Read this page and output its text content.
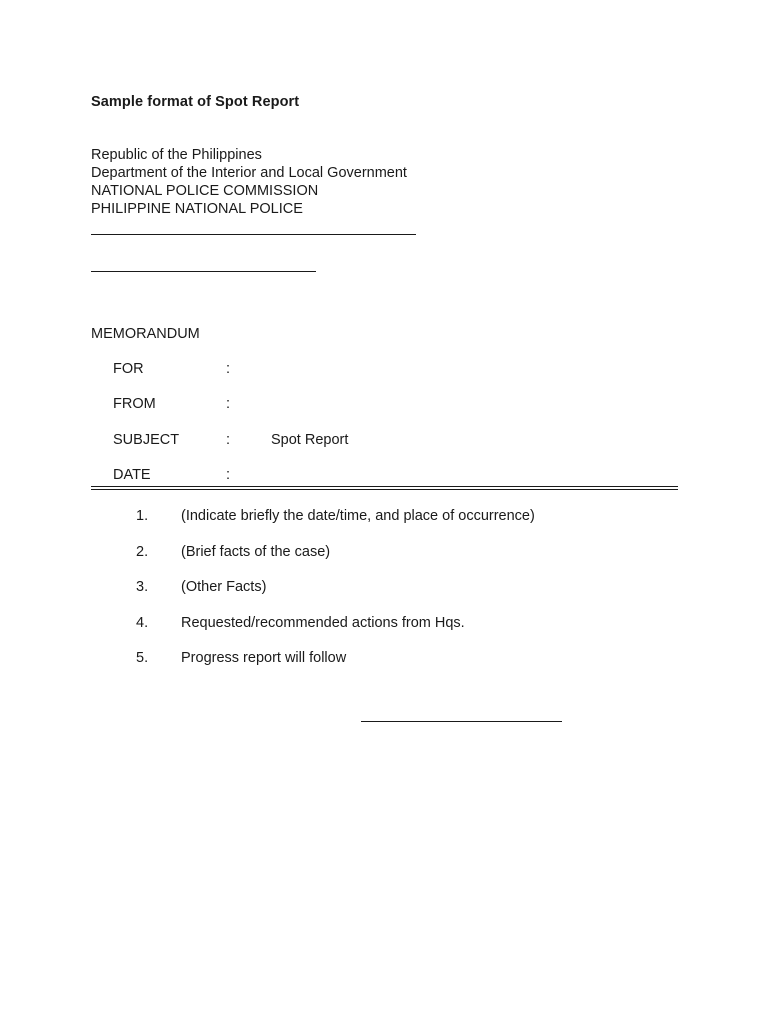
Sample format of Spot Report
Republic of the Philippines
Department of the Interior and Local Government
NATIONAL POLICE COMMISSION
PHILIPPINE NATIONAL POLICE
MEMORANDUM
FOR	:
FROM	:
SUBJECT	:	Spot Report
DATE	:
1. (Indicate briefly the date/time, and place of occurrence)
2. (Brief facts of the case)
3. (Other Facts)
4. Requested/recommended actions from Hqs.
5. Progress report will follow
